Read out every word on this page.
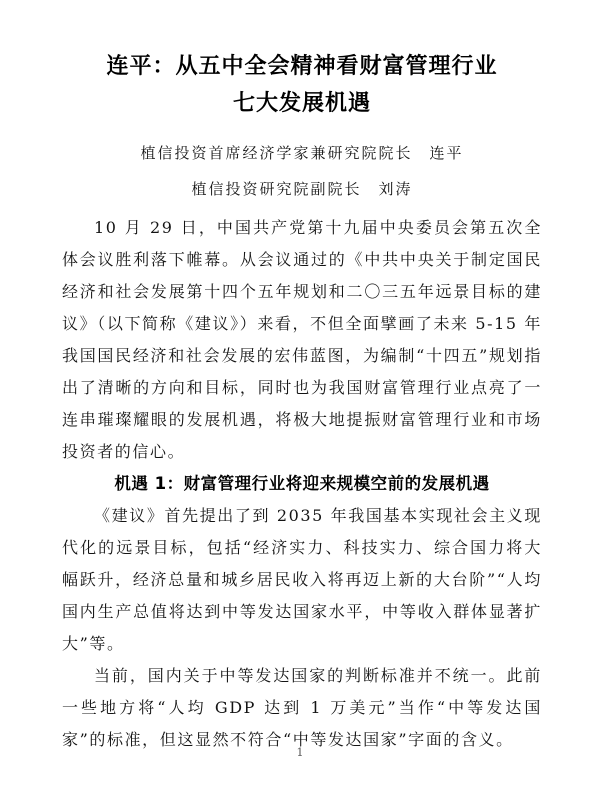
连平：从五中全会精神看财富管理行业
七大发展机遇

植信投资首席经济学家兼研究院院长　连平

植信投资研究院副院长　刘涛

10 月 29 日，中国共产党第十九届中央委员会第五次全体会议胜利落下帷幕。从会议通过的《中共中央关于制定国民经济和社会发展第十四个五年规划和二〇三五年远景目标的建议》（以下简称《建议》）来看，不但全面擘画了未来 5-15 年我国国民经济和社会发展的宏伟蓝图，为编制“十四五”规划指出了清晰的方向和目标，同时也为我国财富管理行业点亮了一连串璀璨耀眼的发展机遇，将极大地提振财富管理行业和市场投资者的信心。

机遇 1：财富管理行业将迎来规模空前的发展机遇

《建议》首先提出了到 2035 年我国基本实现社会主义现代化的远景目标，包括“经济实力、科技实力、综合国力将大幅跃升，经济总量和城乡居民收入将再迈上新的大台阶”“人均国内生产总值将达到中等发达国家水平，中等收入群体显著扩大”等。

当前，国内关于中等发达国家的判断标准并不统一。此前一些地方将“人均 GDP 达到 1 万美元”当作“中等发达国家”的标准，但这显然不符合“中等发达国家”字面的含义。

1
